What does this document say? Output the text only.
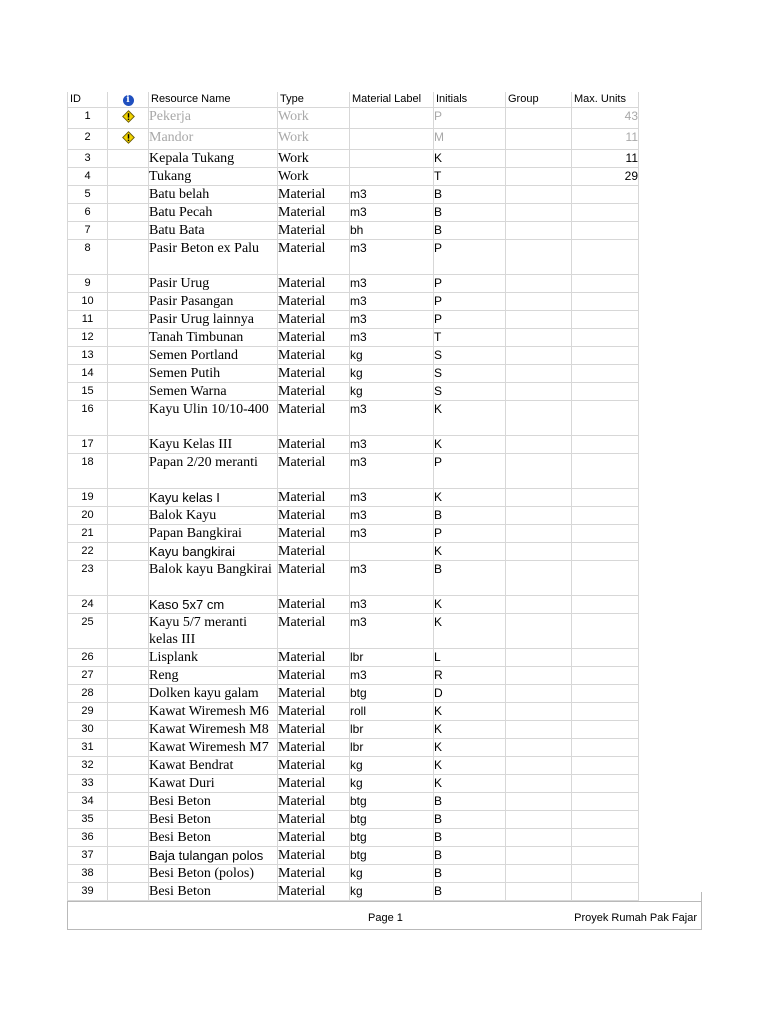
ID	i	Resource Name	Type	Material Label	Initials	Group	Max. Units
1		Pekerja	Work		P		43
2		Mandor	Work		M		11
3		Kepala Tukang	Work		K		11
4		Tukang	Work		T		29
5		Batu belah	Material	m3	B		
6		Batu Pecah	Material	m3	B		
7		Batu Bata	Material	bh	B		
8		Pasir Beton ex Palu	Material	m3	P		
9		Pasir Urug	Material	m3	P		
10		Pasir Pasangan	Material	m3	P		
11		Pasir Urug lainnya	Material	m3	P		
12		Tanah Timbunan	Material	m3	T		
13		Semen Portland	Material	kg	S		
14		Semen Putih	Material	kg	S		
15		Semen Warna	Material	kg	S		
16		Kayu Ulin 10/10-400	Material	m3	K		
17		Kayu Kelas III	Material	m3	K		
18		Papan 2/20 meranti	Material	m3	P		
19		Kayu kelas I	Material	m3	K		
20		Balok Kayu	Material	m3	B		
21		Papan Bangkirai	Material	m3	P		
22		Kayu bangkirai	Material		K		
23		Balok kayu Bangkirai	Material	m3	B		
24		Kaso 5x7 cm	Material	m3	K		
25		Kayu 5/7 meranti kelas III	Material	m3	K		
26		Lisplank	Material	lbr	L		
27		Reng	Material	m3	R		
28		Dolken kayu galam	Material	btg	D		
29		Kawat Wiremesh M6	Material	roll	K		
30		Kawat Wiremesh M8	Material	lbr	K		
31		Kawat Wiremesh M7	Material	lbr	K		
32		Kawat Bendrat	Material	kg	K		
33		Kawat Duri	Material	kg	K		
34		Besi Beton	Material	btg	B		
35		Besi Beton	Material	btg	B		
36		Besi Beton	Material	btg	B		
37		Baja tulangan polos	Material	btg	B		
38		Besi Beton (polos)	Material	kg	B		
39		Besi Beton	Material	kg	B		
Page 1	Proyek Rumah Pak Fajar
